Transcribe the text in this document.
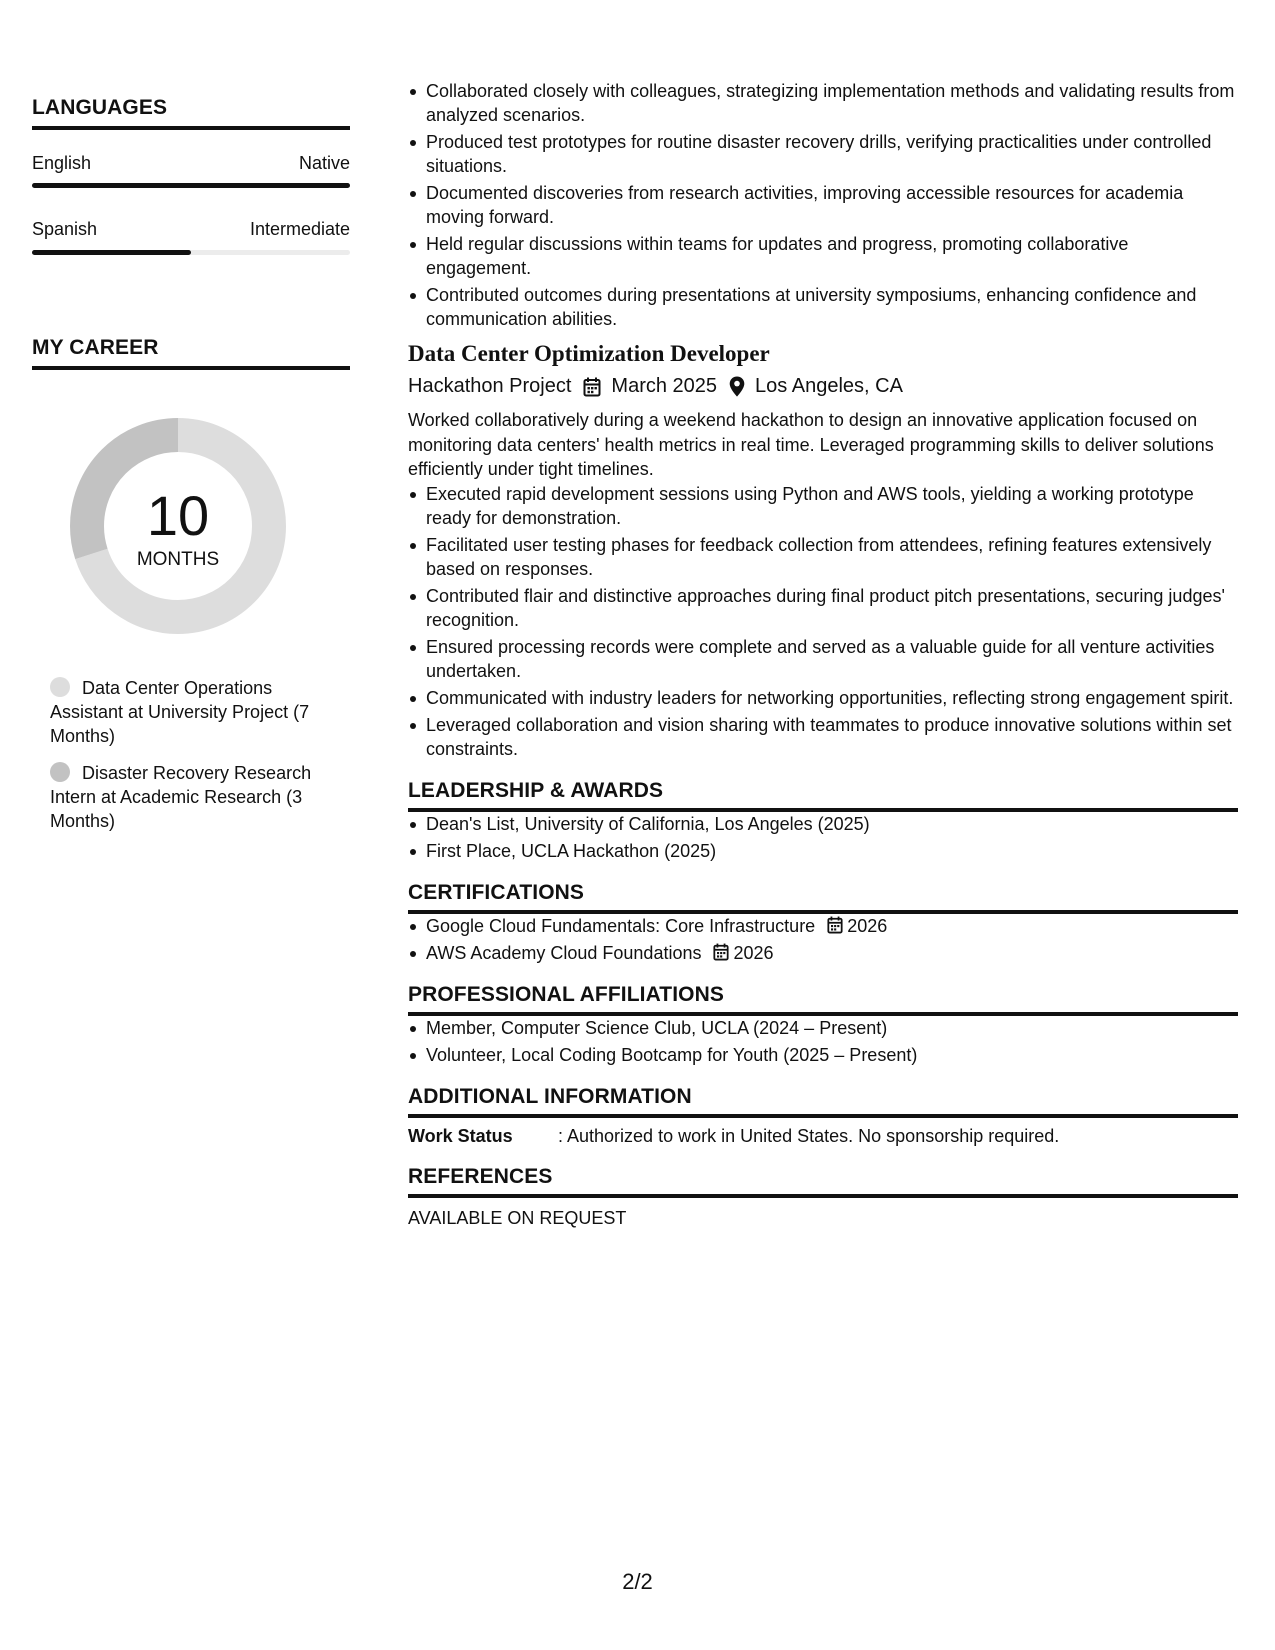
LANGUAGES
English	Native
Spanish	Intermediate
MY CAREER
10
MONTHS
Data Center Operations Assistant at University Project (7 Months)
Disaster Recovery Research Intern at Academic Research (3 Months)
Collaborated closely with colleagues, strategizing implementation methods and validating results from analyzed scenarios.
Produced test prototypes for routine disaster recovery drills, verifying practicalities under controlled situations.
Documented discoveries from research activities, improving accessible resources for academia moving forward.
Held regular discussions within teams for updates and progress, promoting collaborative engagement.
Contributed outcomes during presentations at university symposiums, enhancing confidence and communication abilities.
Data Center Optimization Developer
Hackathon Project March 2025 Los Angeles, CA
Worked collaboratively during a weekend hackathon to design an innovative application focused on monitoring data centers' health metrics in real time. Leveraged programming skills to deliver solutions efficiently under tight timelines.
Executed rapid development sessions using Python and AWS tools, yielding a working prototype ready for demonstration.
Facilitated user testing phases for feedback collection from attendees, refining features extensively based on responses.
Contributed flair and distinctive approaches during final product pitch presentations, securing judges' recognition.
Ensured processing records were complete and served as a valuable guide for all venture activities undertaken.
Communicated with industry leaders for networking opportunities, reflecting strong engagement spirit.
Leveraged collaboration and vision sharing with teammates to produce innovative solutions within set constraints.
LEADERSHIP & AWARDS
Dean's List, University of California, Los Angeles (2025)
First Place, UCLA Hackathon (2025)
CERTIFICATIONS
Google Cloud Fundamentals: Core Infrastructure 2026
AWS Academy Cloud Foundations 2026
PROFESSIONAL AFFILIATIONS
Member, Computer Science Club, UCLA (2024 – Present)
Volunteer, Local Coding Bootcamp for Youth (2025 – Present)
ADDITIONAL INFORMATION
Work Status	: Authorized to work in United States. No sponsorship required.
REFERENCES
AVAILABLE ON REQUEST
2/2
